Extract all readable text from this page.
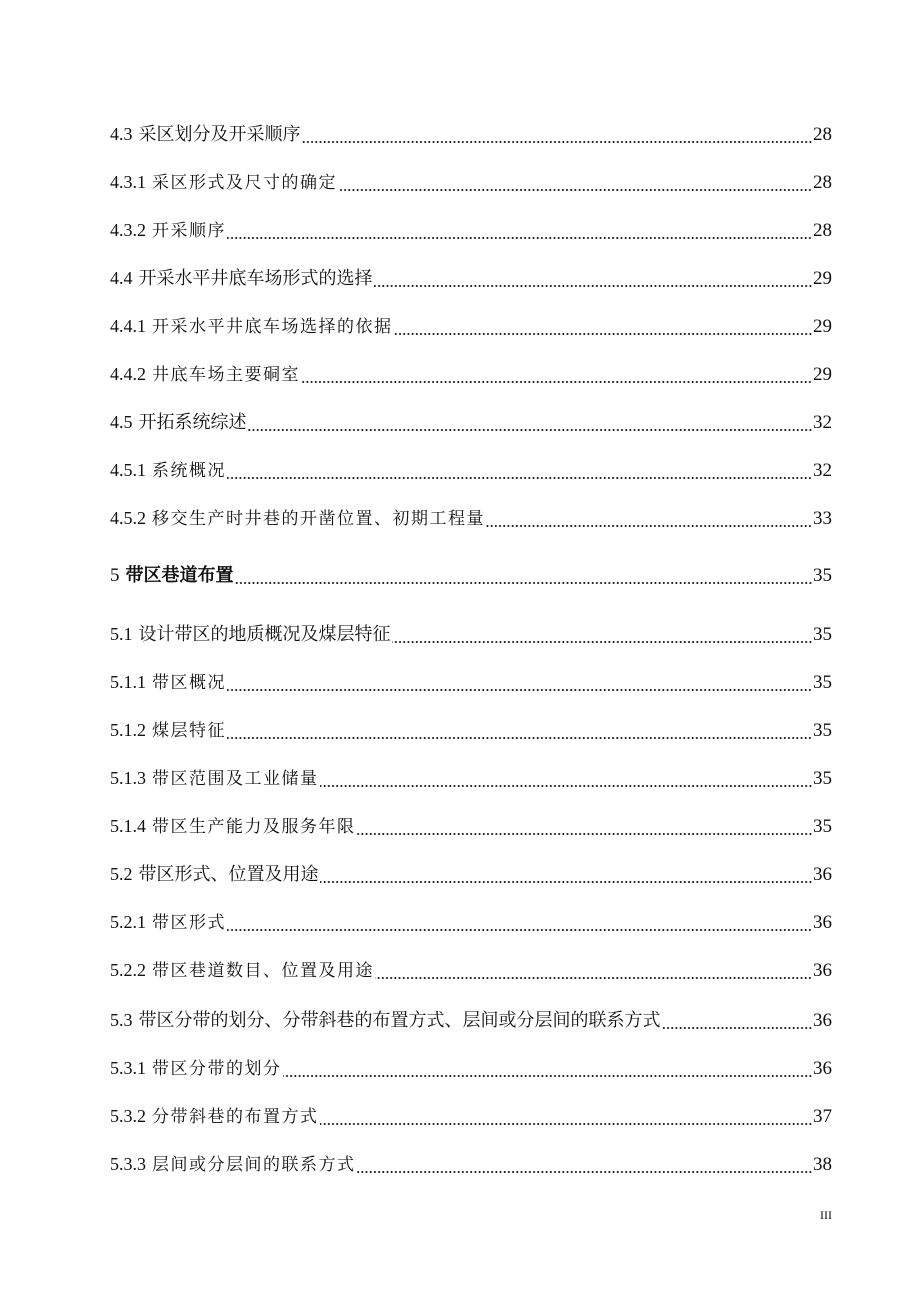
4.3 采区划分及开采顺序	28
4.3.1 采区形式及尺寸的确定	28
4.3.2 开采顺序	28
4.4 开采水平井底车场形式的选择	29
4.4.1 开采水平井底车场选择的依据	29
4.4.2 井底车场主要硐室	29
4.5 开拓系统综述	32
4.5.1 系统概况	32
4.5.2 移交生产时井巷的开凿位置、初期工程量	33
5 带区巷道布置	35
5.1 设计带区的地质概况及煤层特征	35
5.1.1 带区概况	35
5.1.2 煤层特征	35
5.1.3 带区范围及工业储量	35
5.1.4 带区生产能力及服务年限	35
5.2 带区形式、位置及用途	36
5.2.1 带区形式	36
5.2.2 带区巷道数目、位置及用途	36
5.3 带区分带的划分、分带斜巷的布置方式、层间或分层间的联系方式	36
5.3.1 带区分带的划分	36
5.3.2 分带斜巷的布置方式	37
5.3.3 层间或分层间的联系方式	38
III
